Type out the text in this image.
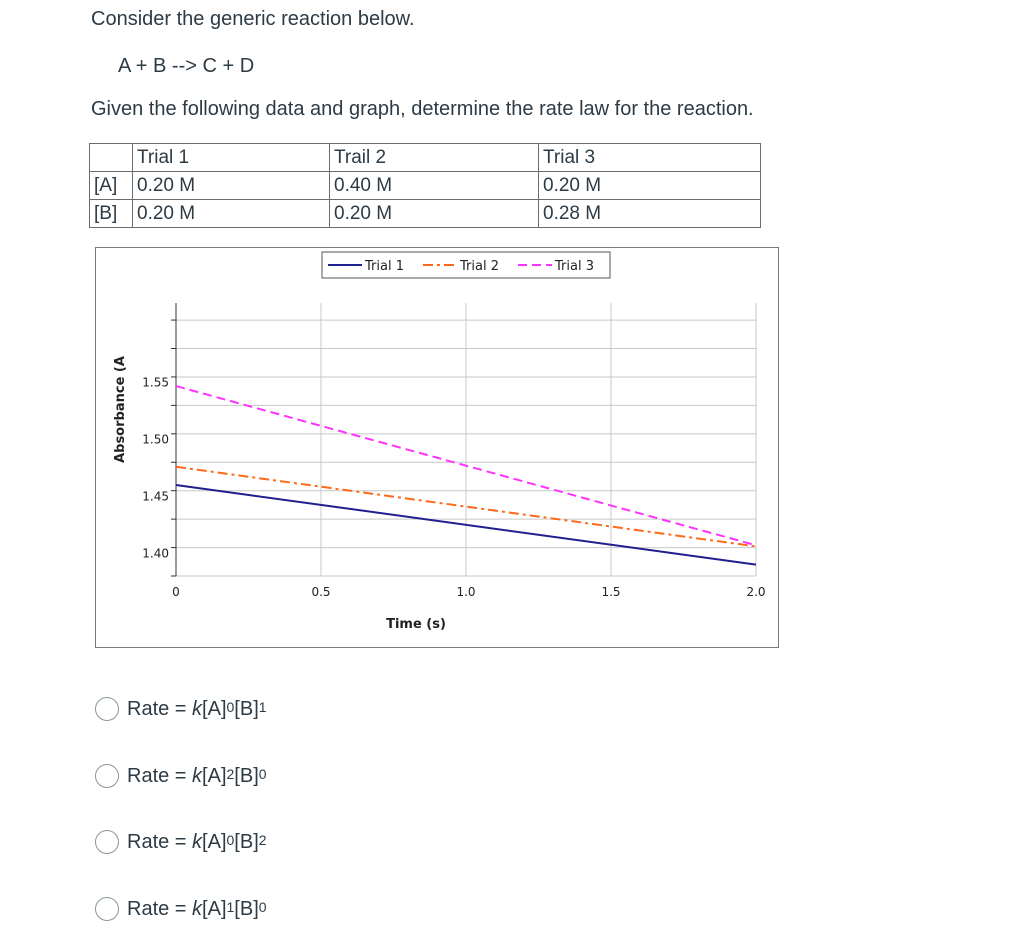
Consider the generic reaction below.
A + B --> C + D
Given the following data and graph, determine the rate law for the reaction.
	Trial 1	Trail 2	Trial 3
[A]	0.20 M	0.40 M	0.20 M
[B]	0.20 M	0.20 M	0.28 M
1.55
1.50
1.45
1.40
0	0.5	1.0	1.5	2.0
Time (s)
Absorbance (A
Trial 1	Trial 2	Trial 3
Rate = k $[A]^0$ $[B]^1$
Rate = k $[A]^2$ $[B]^0$
Rate = k $[A]^0$ $[B]^2$
Rate = k $[A]^1$ $[B]^0$
